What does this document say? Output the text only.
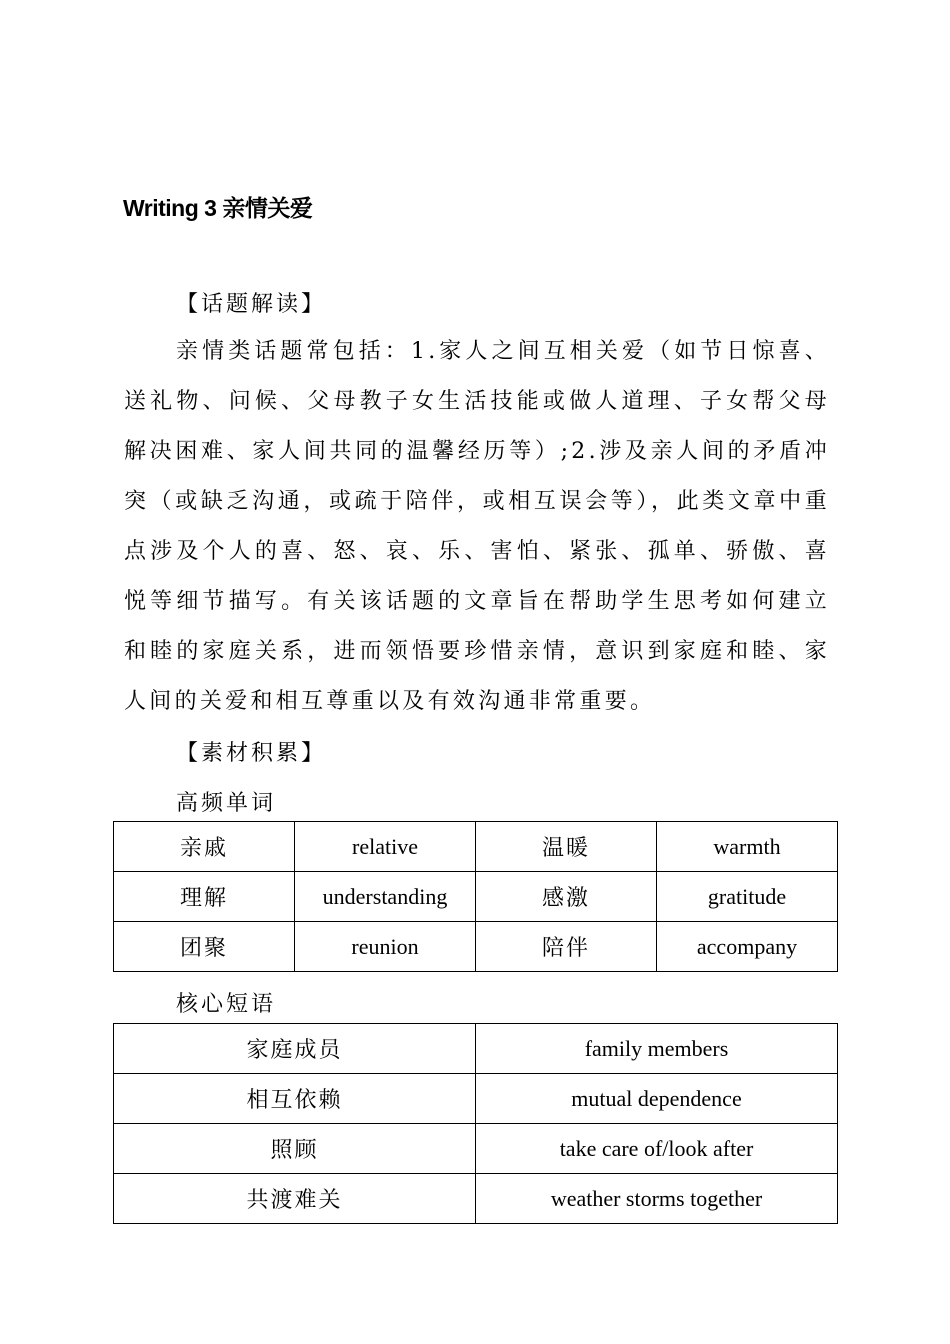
Writing 3 亲情关爱
【话题解读】

亲情类话题常包括：1.家人之间互相关爱（如节日惊喜、送礼物、问候、父母教子女生活技能或做人道理、子女帮父母解决困难、家人间共同的温馨经历等）;2.涉及亲人间的矛盾冲突（或缺乏沟通，或疏于陪伴，或相互误会等），此类文章中重点涉及个人的喜、怒、哀、乐、害怕、紧张、孤单、骄傲、喜悦等细节描写。有关该话题的文章旨在帮助学生思考如何建立和睦的家庭关系，进而领悟要珍惜亲情，意识到家庭和睦、家人间的关爱和相互尊重以及有效沟通非常重要。

【素材积累】
高频单词
亲戚	relative	温暖	warmth
理解	understanding	感激	gratitude
团聚	reunion	陪伴	accompany
核心短语
家庭成员	family members
相互依赖	mutual dependence
照顾	take care of/look after
共渡难关	weather storms together
